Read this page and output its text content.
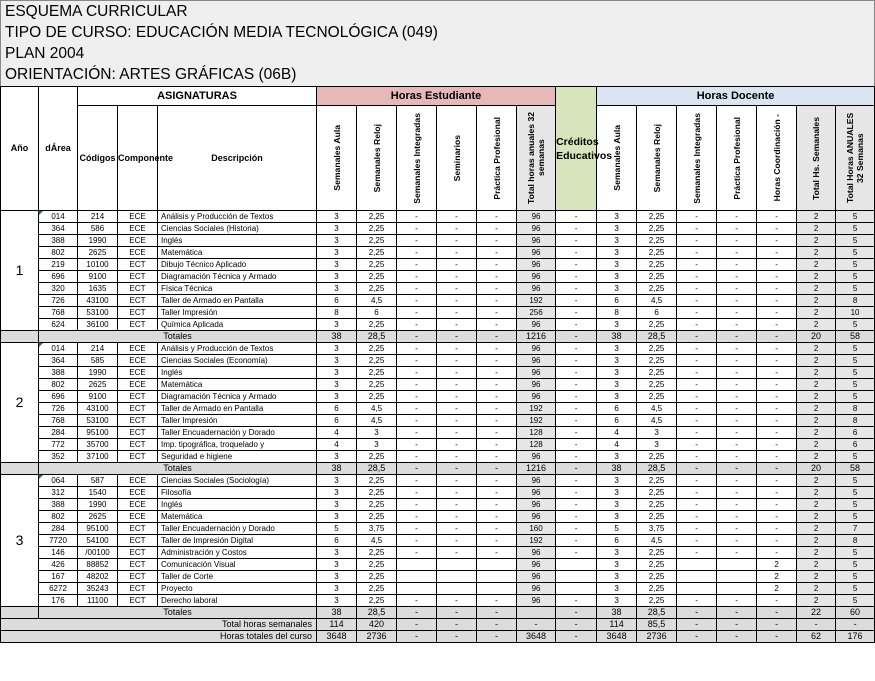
ESQUEMA CURRICULAR
TIPO DE CURSO: EDUCACIÓN MEDIA TECNOLÓGICA (049)
PLAN 2004
ORIENTACIÓN: ARTES GRÁFICAS (06B)
Año	dÁrea	ASIGNATURAS			Horas Estudiante						Créditos Educativos	Horas Docente						
		Códigos	Componente	Descripción	Semanales Aula	Semanales Reloj	Semanales Integradas	Seminarios	Práctica Profesional	Total horas anuales 32 semanas		Semanales Aula	Semanales Reloj	Semanales Integradas	Práctica Profesional	Horas Coordinación -	Total Hs. Semanales	Total Horas ANUALES 32 Semanas

1	014	214	ECE	Análisis y Producción de Textos	3	2,25	-	-	-	96	-	3	2,25	-	-	-	2	5
	364	586	ECE	Ciencias Sociales (Historia)	3	2,25	-	-	-	96	-	3	2,25	-	-	-	2	5
	388	1990	ECE	Inglés	3	2,25	-	-	-	96	-	3	2,25	-	-	-	2	5
	802	2625	ECE	Matemática	3	2,25	-	-	-	96	-	3	2,25	-	-	-	2	5
	219	10100	ECT	Dibujo Técnico Aplicado	3	2,25	-	-	-	96	-	3	2,25	-	-	-	2	5
	696	9100	ECT	Diagramación Técnica y Armado	3	2,25	-	-	-	96	-	3	2,25	-	-	-	2	5
	320	1635	ECT	Física Técnica	3	2,25	-	-	-	96	-	3	2,25	-	-	-	2	5
	726	43100	ECT	Taller de Armado en Pantalla	6	4,5	-	-	-	192	-	6	4,5	-	-	-	2	8
	768	53100	ECT	Taller Impresión	8	6	-	-	-	256	-	8	6	-	-	-	2	10
	624	36100	ECT	Química Aplicada	3	2,25	-	-	-	96	-	3	2,25	-	-	-	2	5
	Totales				38	28,5	-	-	-	1216	-	38	28,5	-	-	-	20	58
2	014	214	ECE	Análisis y Producción de Textos	3	2,25	-	-	-	96	-	3	2,25	-	-	-	2	5
	364	585	ECE	Ciencias Sociales (Economía)	3	2,25	-	-	-	96	-	3	2,25	-	-	-	2	5
	388	1990	ECE	Inglés	3	2,25	-	-	-	96	-	3	2,25	-	-	-	2	5
	802	2625	ECE	Matemática	3	2,25	-	-	-	96	-	3	2,25	-	-	-	2	5
	696	9100	ECT	Diagramación Técnica y Armado	3	2,25	-	-	-	96	-	3	2,25	-	-	-	2	5
	726	43100	ECT	Taller de Armado en Pantalla	6	4,5	-	-	-	192	-	6	4,5	-	-	-	2	8
	768	53100	ECT	Taller Impresión	6	4,5	-	-	-	192	-	6	4,5	-	-	-	2	8
	284	95100	ECT	Taller Encuadernación y Dorado	4	3	-	-	-	128	-	4	3	-	-	-	2	6
	772	35700	ECT	Imp. tipográfica, troquelado y	4	3	-	-	-	128	-	4	3	-	-	-	2	6
	352	37100	ECT	Seguridad e higiene	3	2,25	-	-	-	96	-	3	2,25	-	-	-	2	5
	Totales				38	28,5	-	-	-	1216	-	38	28,5	-	-	-	20	58
3	064	587	ECE	Ciencias Sociales (Sociología)	3	2,25	-	-	-	96	-	3	2,25	-	-	-	2	5
	312	1540	ECE	Filosofía	3	2,25	-	-	-	96	-	3	2,25	-	-	-	2	5
	388	1990	ECE	Inglés	3	2,25	-	-	-	96	-	3	2,25	-	-	-	2	5
	802	2625	ECE	Matemática	3	2,25	-	-	-	96	-	3	2,25	-	-	-	2	5
	284	95100	ECT	Taller Encuadernación y Dorado	5	3,75	-	-	-	160	-	5	3,75	-	-	-	2	7
	7720	54100	ECT	Taller de Impresión Digital	6	4,5	-	-	-	192	-	6	4,5	-	-	-	2	8
	146	/00100	ECT	Administración y Costos	3	2,25	-	-	-	96	-	3	2,25	-	-	-	2	5
	426	88852	ECT	Comunicación Visual	3	2,25				96		3	2,25			2	2	5
	167	48202	ECT	Taller de Corte	3	2,25				96		3	2,25			2	2	5
	6272	35243	ECT	Proyecto	3	2,25				96		3	2,25			2	2	5
	176	11100	ECT	Derecho laboral	3	2,25	-	-	-	96	-	3	2,25	-	-	-	2	5
	Totales				38	28,5	-	-	-		-	38	28,5	-	-	-	22	60
Total horas semanales					114	420	-	-	-	-	-	114	85,5	-	-	-	-	-
Horas totales del curso					3648	2736	-	-	-	3648	-	3648	2736	-	-	-	62	176
